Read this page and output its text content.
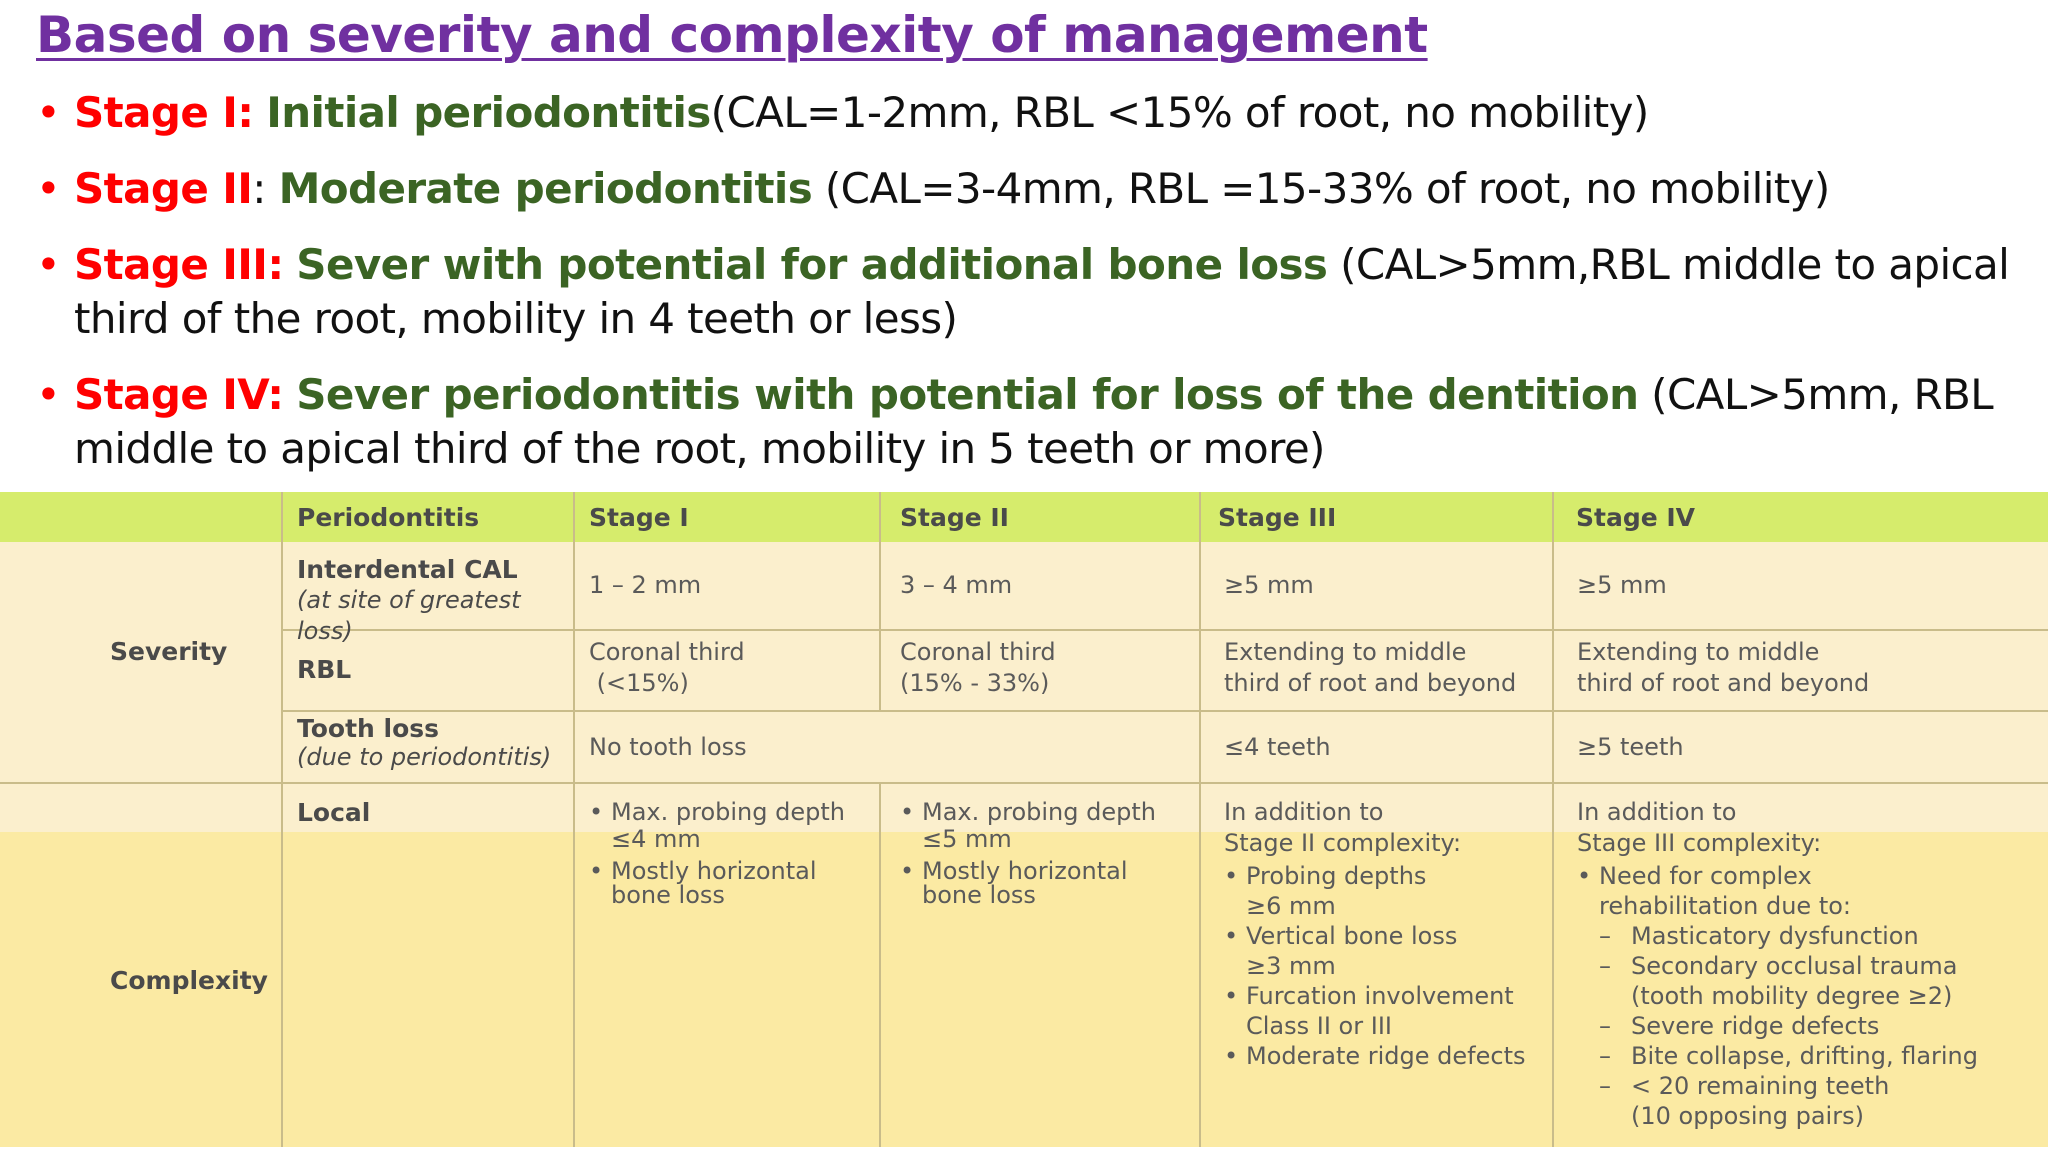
Based on severity and complexity of management
• Stage I: Initial periodontitis(CAL=1-2mm, RBL <15% of root, no mobility)
• Stage II: Moderate periodontitis (CAL=3-4mm, RBL =15-33% of root, no mobility)
• Stage III: Sever with potential for additional bone loss (CAL>5mm,RBL middle to apical third of the root, mobility in 4 teeth or less)
• Stage IV: Sever periodontitis with potential for loss of the dentition (CAL>5mm, RBL middle to apical third of the root, mobility in 5 teeth or more)
Periodontitis	Stage I	Stage II	Stage III	Stage IV
Severity
Complexity
Interdental CAL
(at site of greatest loss)
1 – 2 mm	3 – 4 mm	≥5 mm	≥5 mm
RBL
Coronal third
(<15%)
Coronal third
(15% - 33%)
Extending to middle
third of root and beyond
Extending to middle
third of root and beyond
Tooth loss
(due to periodontitis)	No tooth loss	≤4 teeth	≥5 teeth
Local
•	Max. probing depth
≤4 mm
• Mostly horizontal
bone loss
• Max. probing depth
≤5 mm
• Mostly horizontal
bone loss
In addition to
Stage II complexity:
• Probing depths
≥6 mm
• Vertical bone loss
≥3 mm
• Furcation involvement
Class II or III
• Moderate ridge defects
In addition to
Stage III complexity:
• Need for complex
rehabilitation due to:
– Masticatory dysfunction
– Secondary occlusal trauma
(tooth mobility degree ≥2)
– Severe ridge defects
– Bite collapse, drifting, flaring
– < 20 remaining teeth
(10 opposing pairs)
